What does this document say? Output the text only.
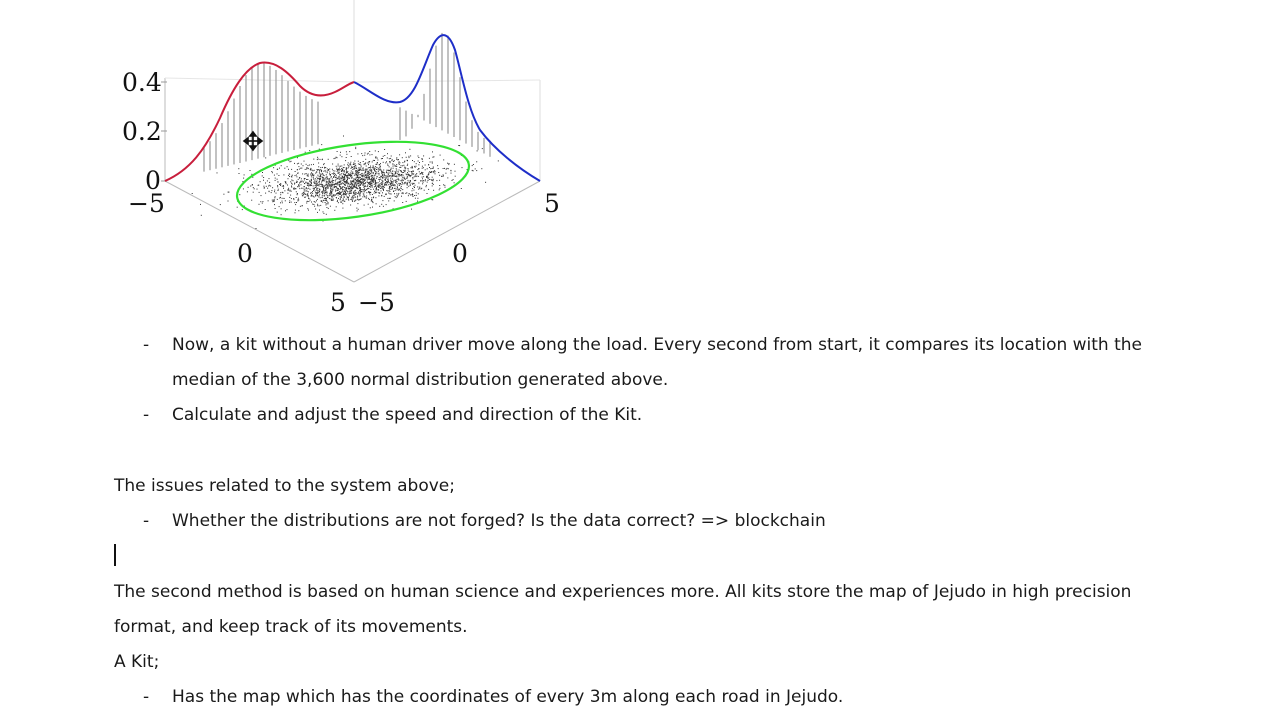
0.4
0.2
0
−5
0
5 −5
0
5
- Now, a kit without a human driver move along the load. Every second from start, it compares its location with the
median of the 3,600 normal distribution generated above.
- Calculate and adjust the speed and direction of the Kit.
The issues related to the system above;
- Whether the distributions are not forged? Is the data correct? => blockchain
The second method is based on human science and experiences more. All kits store the map of Jejudo in high precision
format, and keep track of its movements.
A Kit;
- Has the map which has the coordinates of every 3m along each road in Jejudo.
